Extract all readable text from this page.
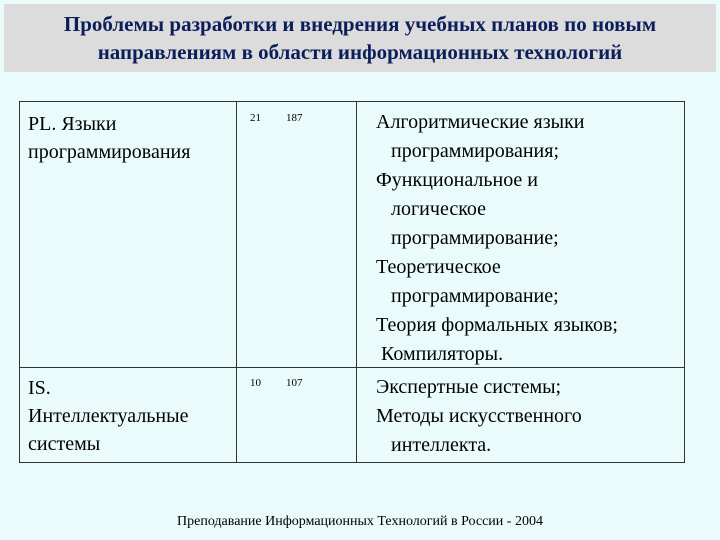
Проблемы разработки и внедрения учебных планов по новым
направлениям в области информационных технологий
PL. Языки
программирования
21 187	Алгоритмические языки
программирования;
Функциональное и
логическое
программирование;
Теоретическое
программирование;
Теория формальных языков;
Компиляторы.
IS.
Интеллектуальные
системы
10 107	Экспертные системы;
Методы искусственного
интеллекта.
Преподавание Информационных Технологий в России - 2004
